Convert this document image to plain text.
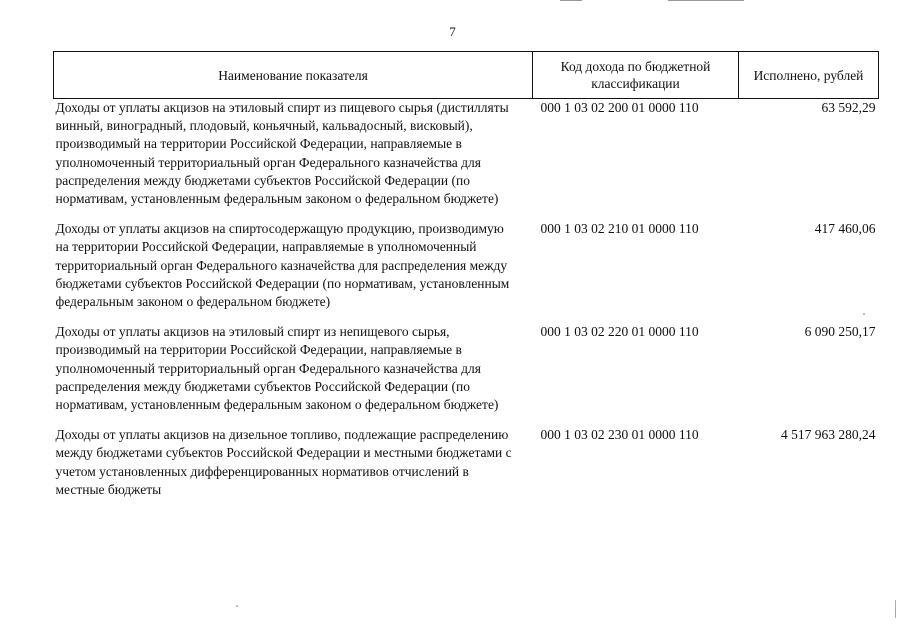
7
Наименование показателя	Код дохода по бюджетной классификации	Исполнено, рублей
Доходы от уплаты акцизов на этиловый спирт из пищевого сырья (дистилляты винный, виноградный, плодовый, коньячный, кальвадосный, висковый), производимый на территории Российской Федерации, направляемые в уполномоченный территориальный орган Федерального казначейства для распределения между бюджетами субъектов Российской Федерации (по нормативам, установленным федеральным законом о федеральном бюджете)	000 1 03 02 200 01 0000 110	63 592,29
Доходы от уплаты акцизов на спиртосодержащую продукцию, производимую на территории Российской Федерации, направляемые в уполномоченный территориальный орган Федерального казначейства для распределения между бюджетами субъектов Российской Федерации (по нормативам, установленным федеральным законом о федеральном бюджете)	000 1 03 02 210 01 0000 110	417 460,06
Доходы от уплаты акцизов на этиловый спирт из непищевого сырья, производимый на территории Российской Федерации, направляемые в уполномоченный территориальный орган Федерального казначейства для распределения между бюджетами субъектов Российской Федерации (по нормативам, установленным федеральным законом о федеральном бюджете)	000 1 03 02 220 01 0000 110	6 090 250,17
Доходы от уплаты акцизов на дизельное топливо, подлежащие распределению между бюджетами субъектов Российской Федерации и местными бюджетами с учетом установленных дифференцированных нормативов отчислений в местные бюджеты	000 1 03 02 230 01 0000 110	4 517 963 280,24
